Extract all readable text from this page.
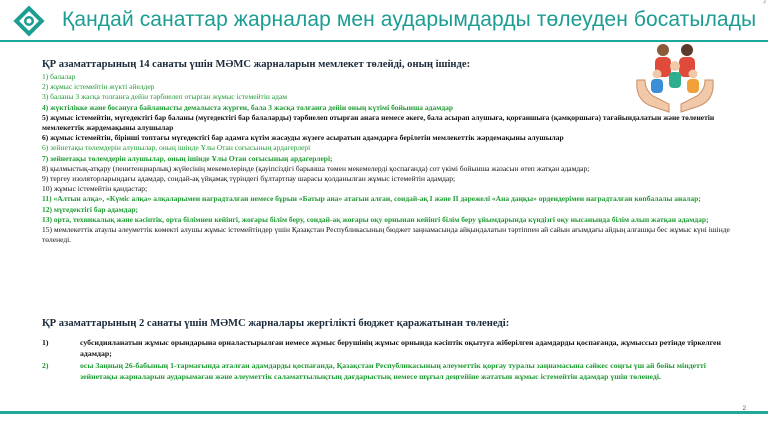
Қандай санаттар жарналар мен аударымдарды төлеуден босатылады
#
ҚР азаматтарының 14 санаты үшін МӘМС жарналарын мемлекет төлейді, оның ішінде:
1) балалар
2) жұмыс істемейтін жүкті әйелдер
3) баланы 3 жасқа толғанға дейін тәрбиелеп отырған жұмыс істемейтін адам
4) жүктілікке және босануға байланысты демалыста жүрген, бала 3 жасқа толғанға дейін оның күтімі бойынша адамдар
5) жұмыс істемейтін, мүгедектігі бар баланы (мүгедектігі бар балаларды) тәрбиелеп отырған анаға немесе әкеге, бала асырап алушыға, қорғаншыға (қамқоршыға) тағайындалатын және төленетін мемлекеттік жәрдемақыны алушылар
6) жұмыс істемейтін, бірінші топтағы мүгедектігі бар адамға күтім жасауды жүзеге асыратын адамдарға берілетін мемлекеттік жәрдемақыны алушылар
6) зейнетақы төлемдерін алушылар, оның ішінде Ұлы Отан соғысының ардагерлері
7) зейнетақы төлемдерін алушылар, оның ішінде Ұлы Отан соғысының ардагерлері;
8) қылмыстық-атқару (пенитенциарлық) жүйесінің мекемелерінде (қауіпсіздігі барынша төмен мекемелерді қоспағанда) сот үкімі бойынша жазасын өтеп жатқан адамдар;
9) тергеу изоляторларындағы адамдар, сондай-ақ үйқамақ түріндегі бұлтартпау шарасы қолданылған жұмыс істемейтін адамдар;
10) жұмыс істемейтін қандастар;
11) «Алтын алқа», «Күміс алқа» алқаларымен наградталған немесе бұрын «Батыр ана» атағын алған, сондай-ақ I және II дәрежелі «Ана даңқы» ордендерімен наградталған көпбалалы аналар;
12) мүгедектігі бар адамдар;
13) орта, техникалық және кәсіптік, орта білімнен кейінгі, жоғары білім беру, сондай-ақ жоғары оқу орнынан кейінгі білім беру ұйымдарында күндізгі оқу нысанында білім алып жатқан адамдар;
15) мемлекеттік атаулы әлеуметтік көмекті алушы жұмыс істемейтіндер үшін Қазақстан Республикасының бюджет заңнамасында айқындалатын тәртіппен ай сайын ағымдағы айдың алғашқы бес жұмыс күні ішінде төленеді.
ҚР азаматтарының 2 санаты үшін МӘМС жарналары жергілікті бюджет қаражатынан төленеді:
1)	субсидияланатын жұмыс орындарына орналастырылған немесе жұмыс берушінің жұмыс орнында кәсіптік оқытуға жіберілген адамдарды қоспағанда, жұмыссыз ретінде тіркелген адамдар;
2)	осы Заңның 26-бабының 1-тармағында аталған адамдарды қоспағанда, Қазақстан Республикасының әлеуметтік қорғау туралы заңнамасына сәйкес соңғы үш ай бойы міндетті зейнетақы жарналарын аударымаған және әлеуметтік саламаттылықтың дағдарыстық немесе шұғыл деңгейіне жататын жұмыс істемейтін адамдар үшін төленеді.
2
